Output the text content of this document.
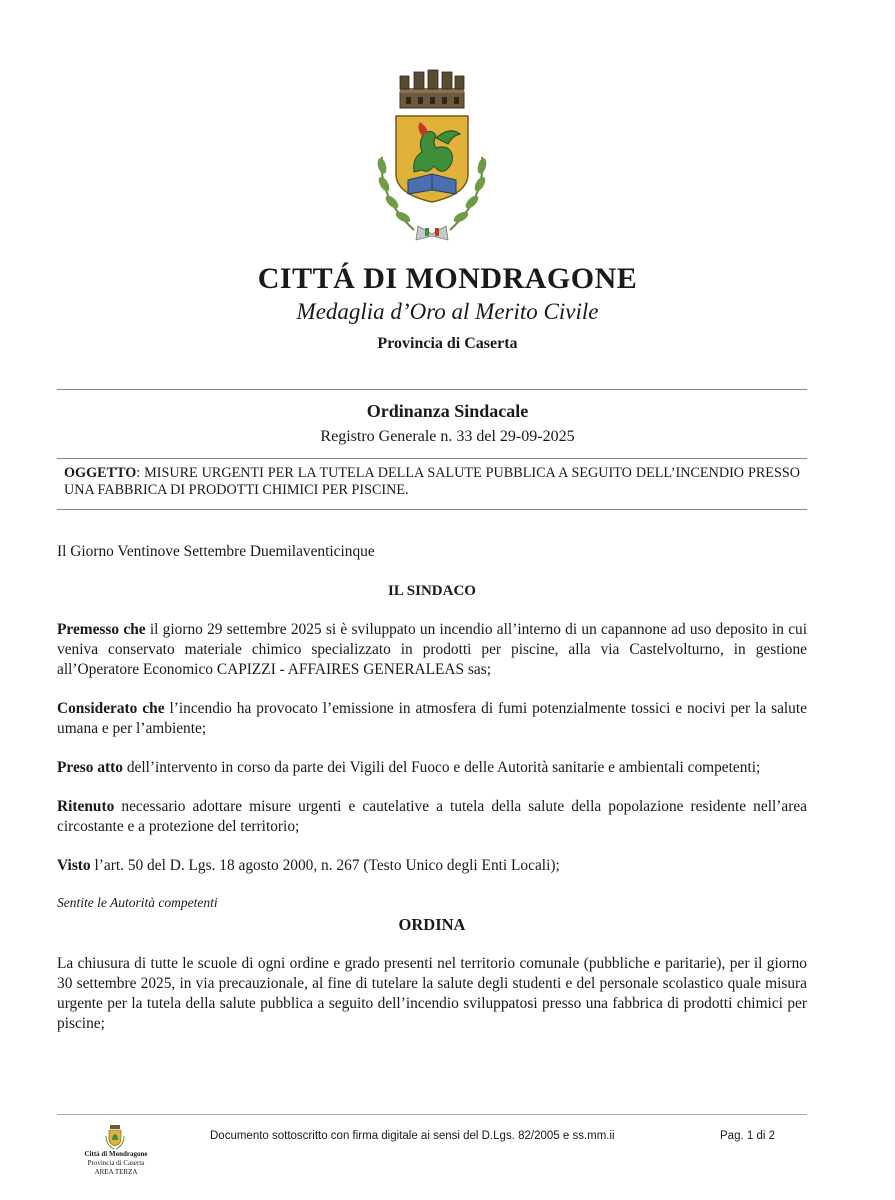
CITTÁ DI MONDRAGONE
Medaglia d’Oro al Merito Civile
Provincia di Caserta
Ordinanza Sindacale
Registro Generale n. 33 del 29-09-2025
OGGETTO: MISURE URGENTI PER LA TUTELA DELLA SALUTE PUBBLICA A SEGUITO DELL’INCENDIO PRESSO UNA FABBRICA DI PRODOTTI CHIMICI PER PISCINE.

Il Giorno Ventinove Settembre Duemilaventicinque

IL SINDACO

Premesso che il giorno 29 settembre 2025 si è sviluppato un incendio all’interno di un capannone ad uso deposito in cui veniva conservato materiale chimico specializzato in prodotti per piscine, alla via Castelvolturno, in gestione all’Operatore Economico CAPIZZI - AFFAIRES GENERALEAS sas;

Considerato che l’incendio ha provocato l’emissione in atmosfera di fumi potenzialmente tossici e nocivi per la salute umana e per l’ambiente;

Preso atto dell’intervento in corso da parte dei Vigili del Fuoco e delle Autorità sanitarie e ambientali competenti;

Ritenuto necessario adottare misure urgenti e cautelative a tutela della salute della popolazione residente nell’area circostante e a protezione del territorio;

Visto l’art. 50 del D. Lgs. 18 agosto 2000, n. 267 (Testo Unico degli Enti Locali);

Sentite le Autorità competenti

ORDINA

La chiusura di tutte le scuole di ogni ordine e grado presenti nel territorio comunale (pubbliche e paritarie), per il giorno 30 settembre 2025, in via precauzionale, al fine di tutelare la salute degli studenti e del personale scolastico quale misura urgente per la tutela della salute pubblica a seguito dell’incendio sviluppatosi presso una fabbrica di prodotti chimici per piscine;

Città di Mondragone
Provincia di Caserta
AREA TERZA
Documento sottoscritto con firma digitale ai sensi del D.Lgs. 82/2005 e ss.mm.ii	Pag. 1 di 2
